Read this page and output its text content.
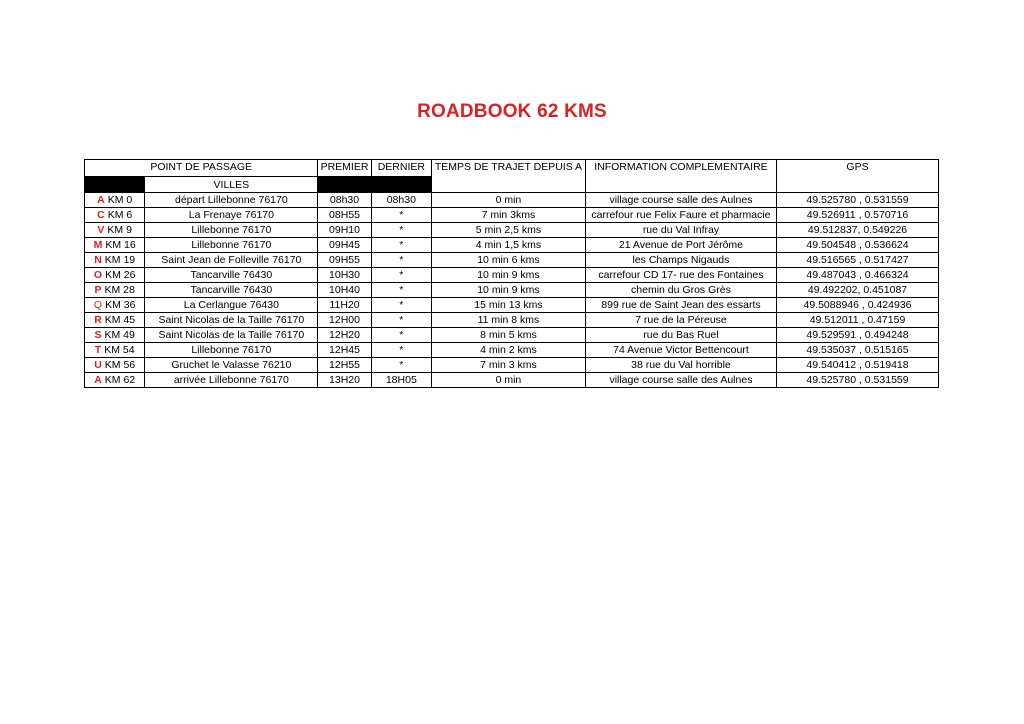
ROADBOOK 62 KMS
POINT DE PASSAGE		PREMIER	DERNIER	TEMPS DE TRAJET DEPUIS A	INFORMATION COMPLEMENTAIRE	GPS
	VILLES					
A KM 0	départ Lillebonne 76170	08h30	08h30	0 min	village course salle des Aulnes	49.525780 , 0.531559
C KM 6	La Frenaye 76170	08H55	*	7 min 3kms	carrefour rue Felix Faure et pharmacie	49.526911 , 0.570716
V KM 9	Lillebonne 76170	09H10	*	5 min 2,5 kms	rue du Val Infray	49.512837, 0.549226
M KM 16	Lillebonne 76170	09H45	*	4 min 1,5 kms	21 Avenue de Port Jérôme	49.504548 , 0.536624
N KM 19	Saint Jean de Folleville 76170	09H55	*	10 min 6 kms	les Champs Nigauds	49.516565 , 0.517427
O KM 26	Tancarville 76430	10H30	*	10 min 9 kms	carrefour CD 17- rue des Fontaines	49.487043 , 0.466324
P KM 28	Tancarville 76430	10H40	*	10 min 9 kms	chemin du Gros Grès	49.492202, 0.451087
Q KM 36	La Cerlangue 76430	11H20	*	15 min 13 kms	899 rue de Saint Jean des essarts	49.5088946 , 0.424936
R KM 45	Saint Nicolas de la Taille 76170	12H00	*	11 min 8 kms	7 rue de la Péreuse	49.512011 , 0.47159
S KM 49	Saint Nicolas de la Taille 76170	12H20	*	8 min 5 kms	rue du Bas Ruel	49.529591 , 0.494248
T KM 54	Lillebonne 76170	12H45	*	4 min 2 kms	74 Avenue Victor Bettencourt	49.535037 , 0.515165
U KM 56	Gruchet le Valasse 76210	12H55	*	7 min 3 kms	38 rue du Val horrible	49.540412 , 0.519418
A KM 62	arrivée Lillebonne 76170	13H20	18H05	0 min	village course salle des Aulnes	49.525780 , 0.531559
